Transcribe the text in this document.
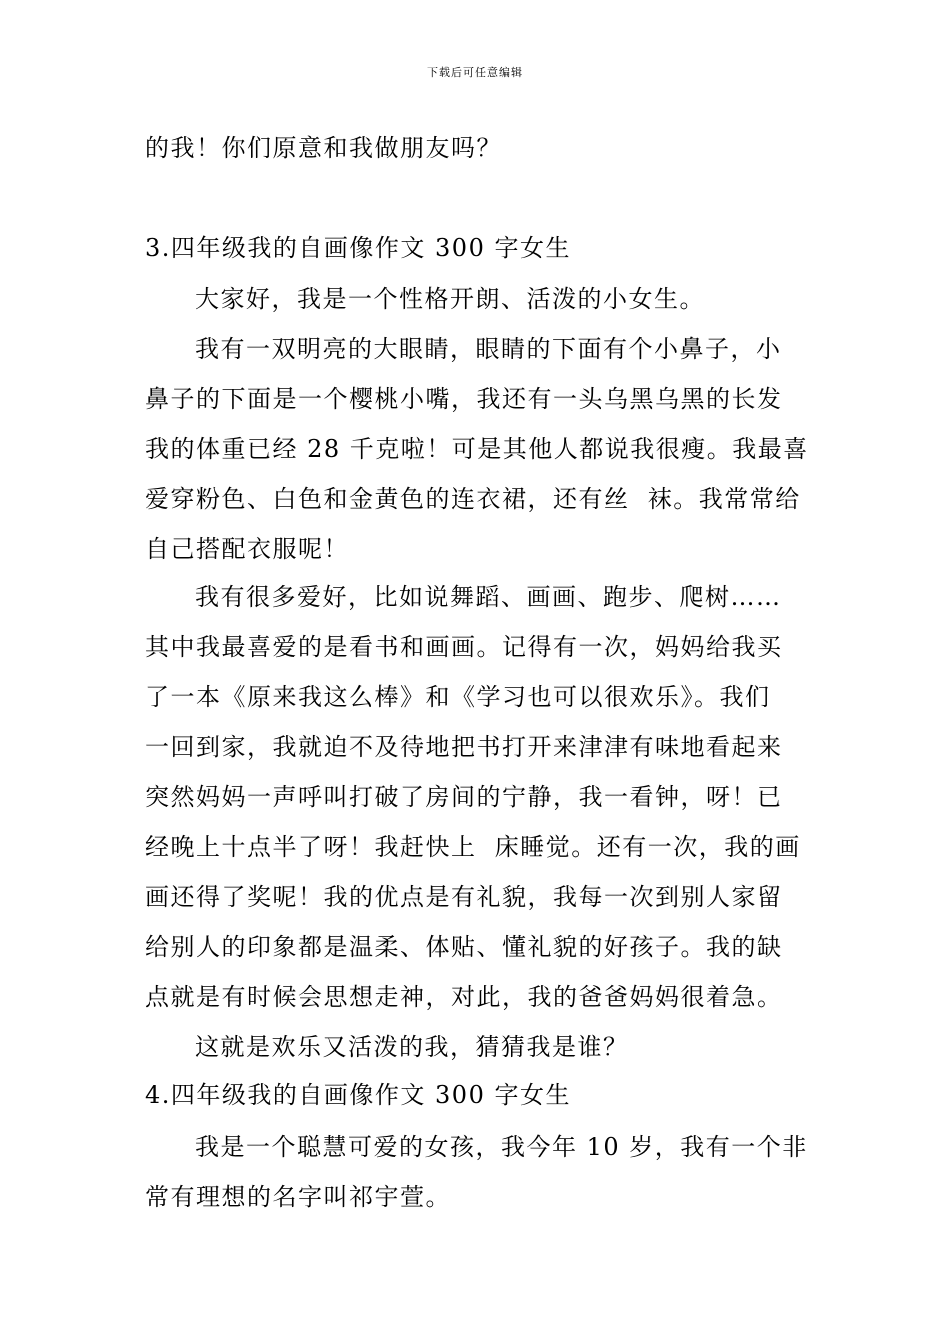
下载后可任意编辑
的我！你们原意和我做朋友吗？
3.四年级我的自画像作文 300 字女生
大家好，我是一个性格开朗、活泼的小女生。
我有一双明亮的大眼睛，眼睛的下面有个小鼻子，小
鼻子的下面是一个樱桃小嘴，我还有一头乌黑乌黑的长发
我的体重已经 28 千克啦！可是其他人都说我很瘦。我最喜
爱穿粉色、白色和金黄色的连衣裙，还有丝  袜。我常常给
自己搭配衣服呢！
我有很多爱好，比如说舞蹈、画画、跑步、爬树……
其中我最喜爱的是看书和画画。记得有一次，妈妈给我买
了一本《原来我这么棒》和《学习也可以很欢乐》。我们
一回到家，我就迫不及待地把书打开来津津有味地看起来
突然妈妈一声呼叫打破了房间的宁静，我一看钟，呀！已
经晚上十点半了呀！我赶快上  床睡觉。还有一次，我的画
画还得了奖呢！我的优点是有礼貌，我每一次到别人家留
给别人的印象都是温柔、体贴、懂礼貌的好孩子。我的缺
点就是有时候会思想走神，对此，我的爸爸妈妈很着急。
这就是欢乐又活泼的我，猜猜我是谁？
4.四年级我的自画像作文 300 字女生
我是一个聪慧可爱的女孩，我今年 10 岁，我有一个非
常有理想的名字叫祁宇萱。
